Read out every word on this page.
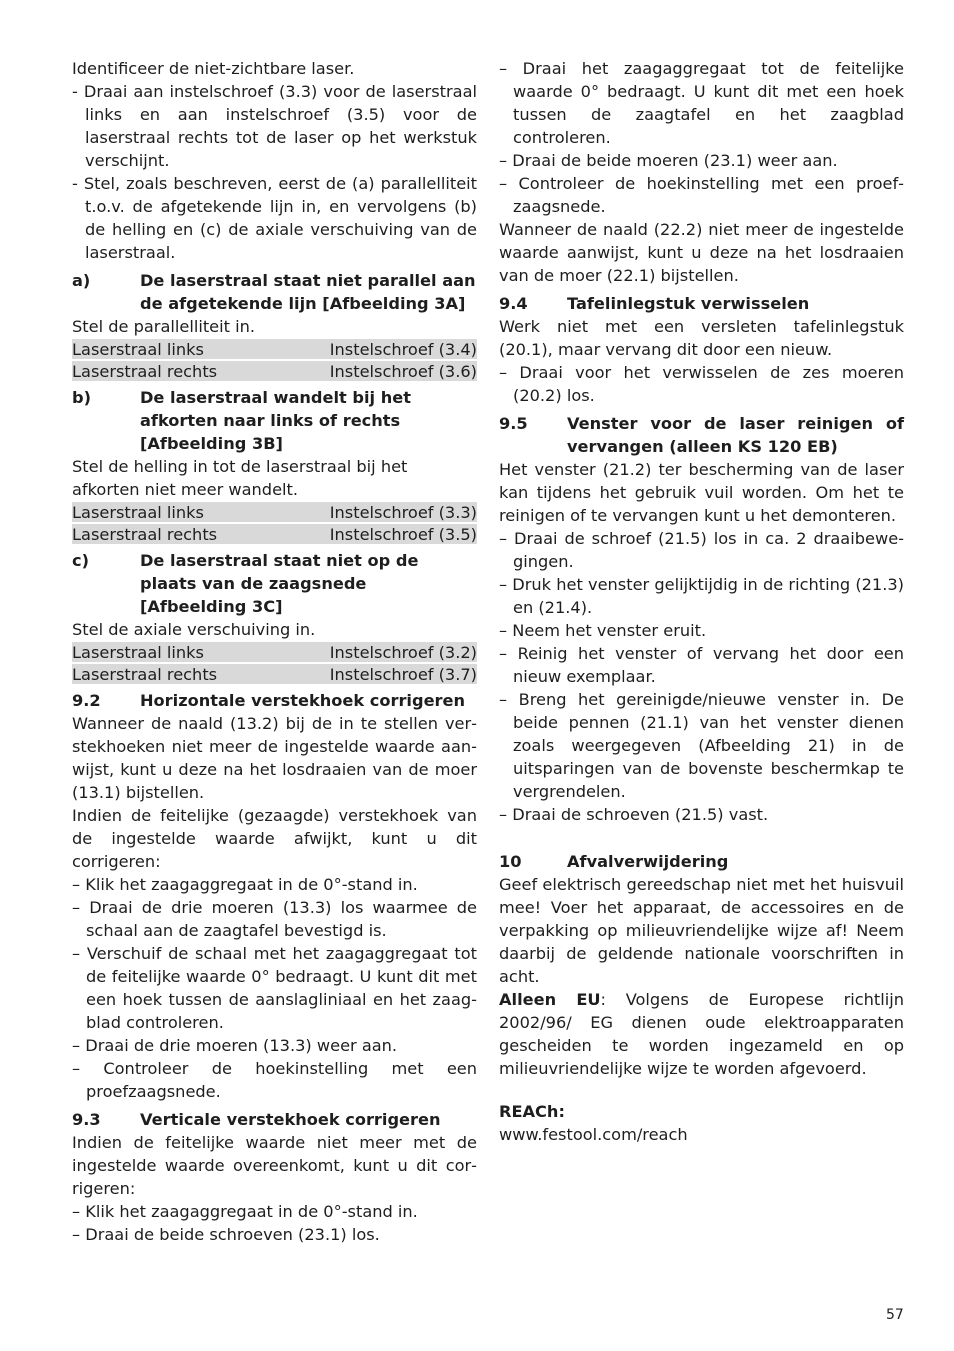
Identificeer de niet-zichtbare laser.

- Draai aan instelschroef (3.3) voor de laserstraal links en aan instelschroef (3.5) voor de laserstraal rechts tot de laser op het werkstuk verschijnt.

- Stel, zoals beschreven, eerst de (a) parallelliteit t.o.v. de afgetekende lijn in, en vervolgens (b) de helling en (c) de axiale verschuiving van de laserstraal.

a)	De laserstraal staat niet parallel aan de afgetekende lijn [Afbeelding 3A]

Stel de parallelliteit in.

Laserstraal links	Instelschroef (3.4)
Laserstraal rechts	Instelschroef (3.6)
b)	De laserstraal wandelt bij het afkorten naar links of rechts [Afbeelding 3B]

Stel de helling in tot de laserstraal bij het afkorten niet meer wandelt.

Laserstraal links	Instelschroef (3.3)
Laserstraal rechts	Instelschroef (3.5)
c)	De laserstraal staat niet op de plaats van de zaagsnede [Afbeelding 3C]

Stel de axiale verschuiving in.

Laserstraal links	Instelschroef (3.2)
Laserstraal rechts	Instelschroef (3.7)
9.2	Horizontale verstekhoek corrigeren

Wanneer de naald (13.2) bij de in te stellen verstekhoeken niet meer de ingestelde waarde aanwijst, kunt u deze na het losdraaien van de moer (13.1) bijstellen.

Indien de feitelijke (gezaagde) verstekhoek van de ingestelde waarde afwijkt, kunt u dit corrigeren:

– Klik het zaagaggregaat in de 0°-stand in.

– Draai de drie moeren (13.3) los waarmee de schaal aan de zaagtafel bevestigd is.

– Verschuif de schaal met het zaagaggregaat tot de feitelijke waarde 0° bedraagt. U kunt dit met een hoek tussen de aanslagliniaal en het zaagblad controleren.

– Draai de drie moeren (13.3) weer aan.

– Controleer de hoekinstelling met een proefzaagsnede.

9.3	Verticale verstekhoek corrigeren

Indien de feitelijke waarde niet meer met de ingestelde waarde overeenkomt, kunt u dit corrigeren:

– Klik het zaagaggregaat in de 0°-stand in.

– Draai de beide schroeven (23.1) los.

– Draai het zaagaggregaat tot de feitelijke waarde 0° bedraagt. U kunt dit met een hoek tussen de zaagtafel en het zaagblad controleren.

– Draai de beide moeren (23.1) weer aan.

– Controleer de hoekinstelling met een proefzaagsnede.

Wanneer de naald (22.2) niet meer de ingestelde waarde aanwijst, kunt u deze na het losdraaien van de moer (22.1) bijstellen.

9.4	Tafelinlegstuk verwisselen

Werk niet met een versleten tafelinlegstuk (20.1), maar vervang dit door een nieuw.

– Draai voor het verwisselen de zes moeren (20.2) los.

9.5	Venster voor de laser reinigen of vervangen (alleen KS 120 EB)

Het venster (21.2) ter bescherming van de laser kan tijdens het gebruik vuil worden. Om het te reinigen of te vervangen kunt u het demonteren.

– Draai de schroef (21.5) los in ca. 2 draaibewegingen.

– Druk het venster gelijktijdig in de richting (21.3) en (21.4).

– Neem het venster eruit.

– Reinig het venster of vervang het door een nieuw exemplaar.

– Breng het gereinigde/nieuwe venster in. De beide pennen (21.1) van het venster dienen zoals weergegeven (Afbeelding 21) in de uitsparingen van de bovenste beschermkap te vergrendelen.

– Draai de schroeven (21.5) vast.

10	Afvalverwijdering

Geef elektrisch gereedschap niet met het huisvuil mee! Voer het apparaat, de accessoires en de verpakking op milieuvriendelijke wijze af! Neem daarbij de geldende nationale voorschriften in acht.

Alleen EU: Volgens de Europese richtlijn 2002/96/ EG dienen oude elektroapparaten gescheiden te worden ingezameld en op milieuvriendelijke wijze te worden afgevoerd.

REACh:

www.festool.com/reach

57
